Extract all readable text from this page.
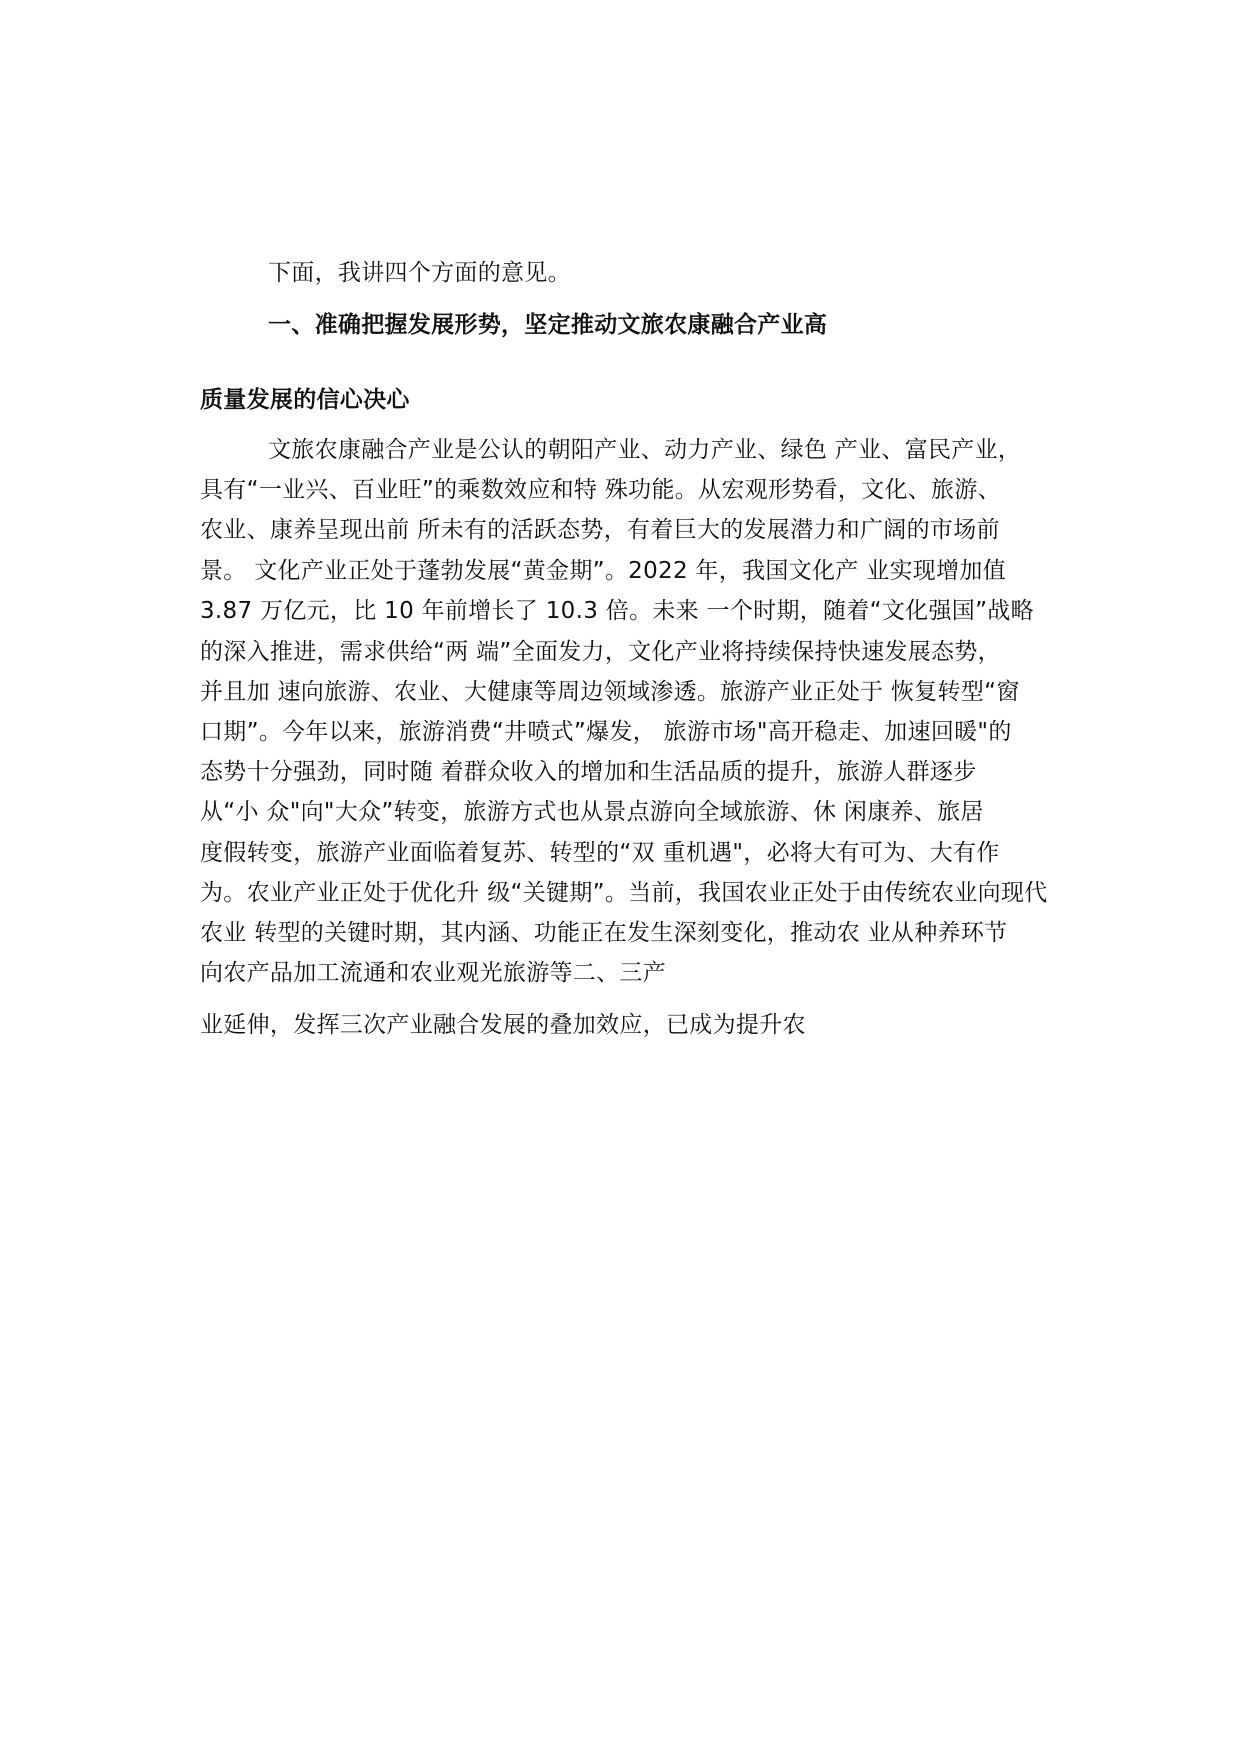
下面，我讲四个方面的意见。
一、准确把握发展形势，坚定推动文旅农康融合产业高
质量发展的信心决心
文旅农康融合产业是公认的朝阳产业、动力产业、绿色 产业、富民产业，
具有“一业兴、百业旺”的乘数效应和特 殊功能。从宏观形势看，文化、旅游、
农业、康养呈现出前 所未有的活跃态势，有着巨大的发展潜力和广阔的市场前
景。 文化产业正处于蓬勃发展“黄金期”。2022 年，我国文化产 业实现增加值
3.87 万亿元，比 10 年前增长了 10.3 倍。未来 一个时期，随着“文化强国”战略
的深入推进，需求供给“两 端”全面发力，文化产业将持续保持快速发展态势，
并且加 速向旅游、农业、大健康等周边领域渗透。旅游产业正处于 恢复转型“窗
口期”。今年以来，旅游消费“井喷式”爆发， 旅游市场"高开稳走、加速回暖"的
态势十分强劲，同时随 着群众收入的增加和生活品质的提升，旅游人群逐步
从“小 众"向"大众”转变，旅游方式也从景点游向全域旅游、休 闲康养、旅居
度假转变，旅游产业面临着复苏、转型的“双 重机遇"，必将大有可为、大有作
为。农业产业正处于优化升 级“关键期”。当前，我国农业正处于由传统农业向现代
农业 转型的关键时期，其内涵、功能正在发生深刻变化，推动农 业从种养环节
向农产品加工流通和农业观光旅游等二、三产
业延伸，发挥三次产业融合发展的叠加效应，已成为提升农
